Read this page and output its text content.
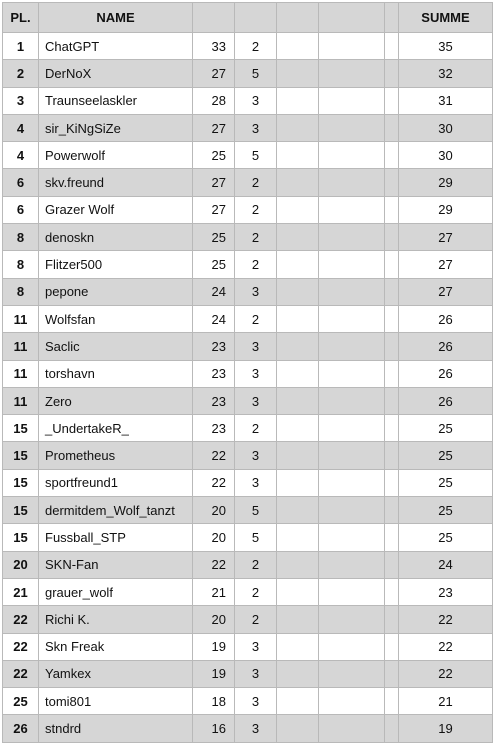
PL.	NAME						SUMME
1	ChatGPT	33	2				35
2	DerNoX	27	5				32
3	Traunseelaskler	28	3				31
4	sir_KiNgSiZe	27	3				30
4	Powerwolf	25	5				30
6	skv.freund	27	2				29
6	Grazer Wolf	27	2				29
8	denoskn	25	2				27
8	Flitzer500	25	2				27
8	pepone	24	3				27
11	Wolfsfan	24	2				26
11	Saclic	23	3				26
11	torshavn	23	3				26
11	Zero	23	3				26
15	_UndertakeR_	23	2				25
15	Prometheus	22	3				25
15	sportfreund1	22	3				25
15	dermitdem_Wolf_tanzt	20	5				25
15	Fussball_STP	20	5				25
20	SKN-Fan	22	2				24
21	grauer_wolf	21	2				23
22	Richi K.	20	2				22
22	Skn Freak	19	3				22
22	Yamkex	19	3				22
25	tomi801	18	3				21
26	stndrd	16	3				19
